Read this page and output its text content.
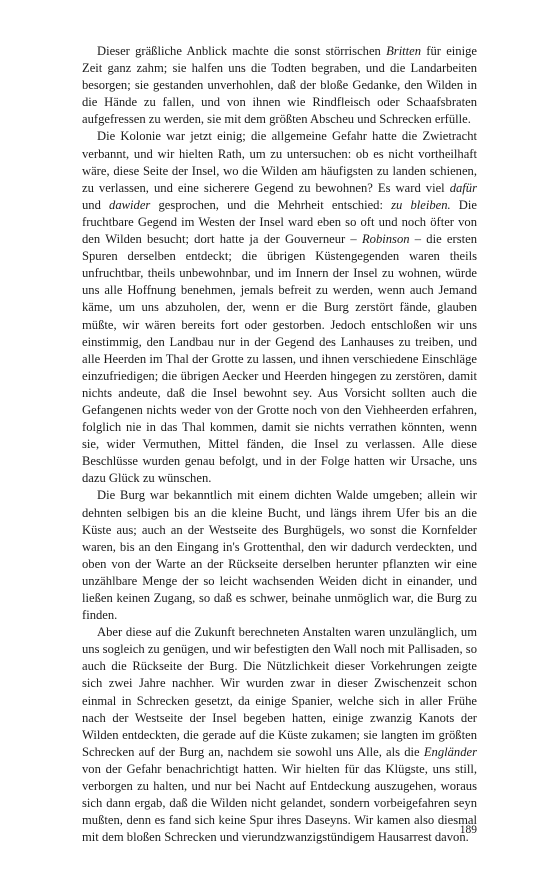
Dieser gräßliche Anblick machte die sonst störrischen Britten für einige Zeit ganz zahm; sie halfen uns die Todten begraben, und die Landarbeiten besorgen; sie gestanden unverhohlen, daß der bloße Gedanke, den Wilden in die Hände zu fallen, und von ihnen wie Rindfleisch oder Schaafsbraten aufgefressen zu werden, sie mit dem größten Abscheu und Schrecken erfülle.

Die Kolonie war jetzt einig; die allgemeine Gefahr hatte die Zwietracht verbannt, und wir hielten Rath, um zu untersuchen: ob es nicht vortheilhaft wäre, diese Seite der Insel, wo die Wilden am häufigsten zu landen schienen, zu verlassen, und eine sicherere Gegend zu bewohnen? Es ward viel dafür und dawider gesprochen, und die Mehrheit entschied: zu bleiben. Die fruchtbare Gegend im Westen der Insel ward eben so oft und noch öfter von den Wilden besucht; dort hatte ja der Gouverneur – Robinson – die ersten Spuren derselben entdeckt; die übrigen Küstengegenden waren theils unfruchtbar, theils unbewohnbar, und im Innern der Insel zu wohnen, würde uns alle Hoffnung benehmen, jemals befreit zu werden, wenn auch Jemand käme, um uns abzuholen, der, wenn er die Burg zerstört fände, glauben müßte, wir wären bereits fort oder gestorben. Jedoch entschloßen wir uns einstimmig, den Landbau nur in der Gegend des Lanhauses zu treiben, und alle Heerden im Thal der Grotte zu lassen, und ihnen verschiedene Einschläge einzufriedigen; die übrigen Aecker und Heerden hingegen zu zerstören, damit nichts andeute, daß die Insel bewohnt sey. Aus Vorsicht sollten auch die Gefangenen nichts weder von der Grotte noch von den Viehheerden erfahren, folglich nie in das Thal kommen, damit sie nichts verrathen könnten, wenn sie, wider Vermuthen, Mittel fänden, die Insel zu verlassen. Alle diese Beschlüsse wurden genau befolgt, und in der Folge hatten wir Ursache, uns dazu Glück zu wünschen.

Die Burg war bekanntlich mit einem dichten Walde umgeben; allein wir dehnten selbigen bis an die kleine Bucht, und längs ihrem Ufer bis an die Küste aus; auch an der Westseite des Burghügels, wo sonst die Kornfelder waren, bis an den Eingang in's Grottenthal, den wir dadurch verdeckten, und oben von der Warte an der Rückseite derselben herunter pflanzten wir eine unzählbare Menge der so leicht wachsenden Weiden dicht in einander, und ließen keinen Zugang, so daß es schwer, beinahe unmöglich war, die Burg zu finden.

Aber diese auf die Zukunft berechneten Anstalten waren unzulänglich, um uns sogleich zu genügen, und wir befestigten den Wall noch mit Pallisaden, so auch die Rückseite der Burg. Die Nützlichkeit dieser Vorkehrungen zeigte sich zwei Jahre nachher. Wir wurden zwar in dieser Zwischenzeit schon einmal in Schrecken gesetzt, da einige Spanier, welche sich in aller Frühe nach der Westseite der Insel begeben hatten, einige zwanzig Kanots der Wilden entdeckten, die gerade auf die Küste zukamen; sie langten im größten Schrecken auf der Burg an, nachdem sie sowohl uns Alle, als die Engländer von der Gefahr benachrichtigt hatten. Wir hielten für das Klügste, uns still, verborgen zu halten, und nur bei Nacht auf Entdeckung auszugehen, woraus sich dann ergab, daß die Wilden nicht gelandet, sondern vorbeigefahren seyn mußten, denn es fand sich keine Spur ihres Daseyns. Wir kamen also diesmal mit dem bloßen Schrecken und vierundzwanzigstündigem Hausarrest davon.

189
